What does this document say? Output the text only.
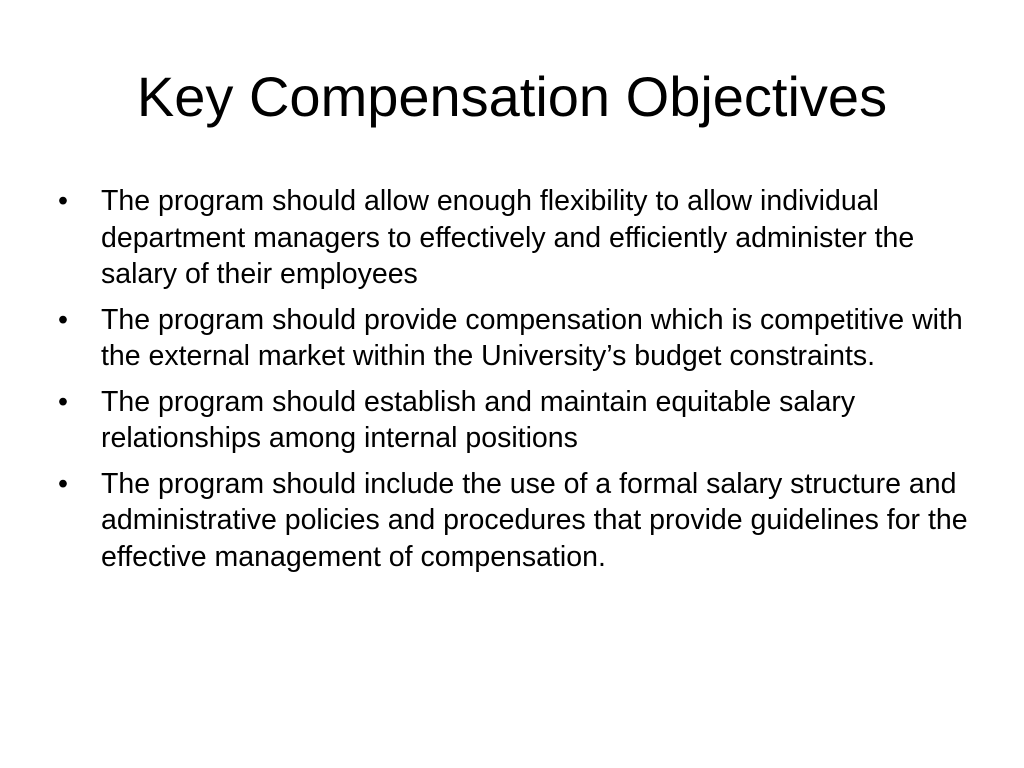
Key Compensation Objectives
•	The program should allow enough flexibility to allow individual department managers to effectively and efficiently administer the salary of their employees
•	The program should provide compensation which is competitive with the external market within the University’s budget constraints.
•	The program should establish and maintain equitable salary relationships among internal positions
•	The program should include the use of a formal salary structure and administrative policies and procedures that provide guidelines for the effective management of compensation.
